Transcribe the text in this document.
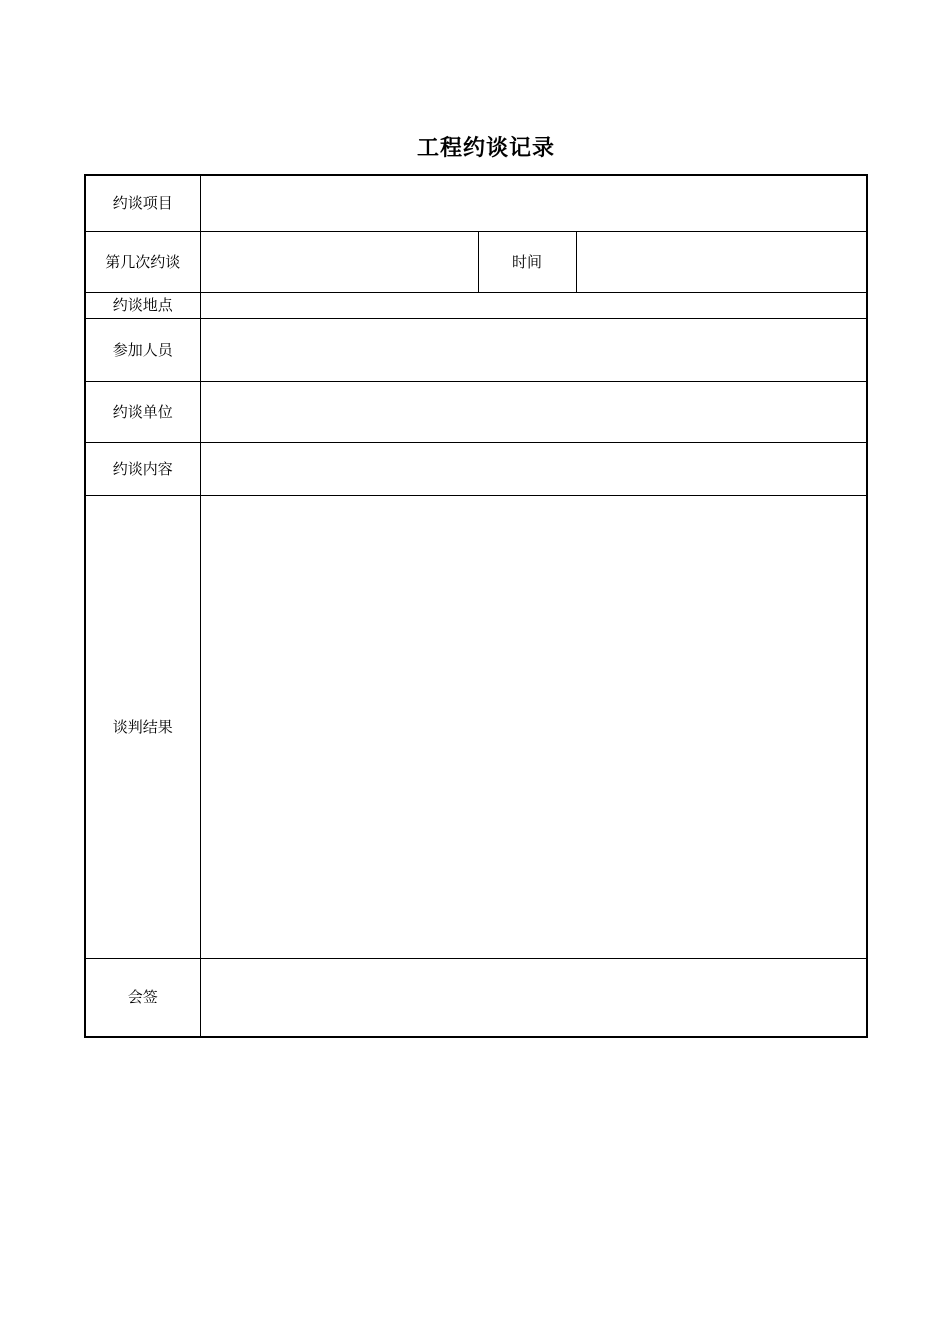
工程约谈记录
约谈项目			
第几次约谈		时间	
约谈地点			
参加人员			
约谈单位			
约谈内容			
谈判结果			
会签			
